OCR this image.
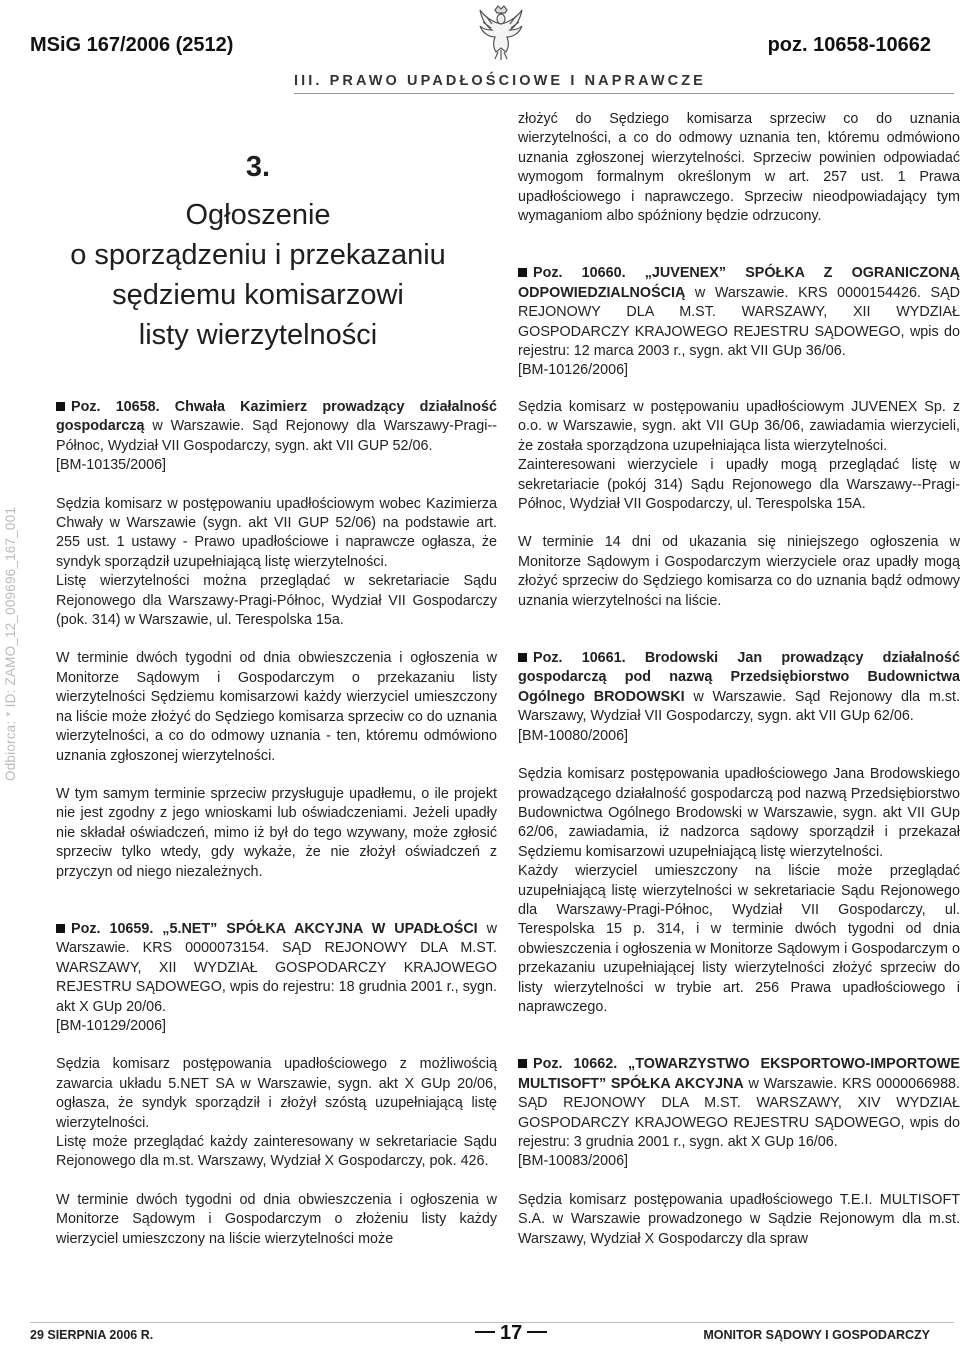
MSiG 167/2006 (2512)	poz. 10658-10662
III. PRAWO UPADŁOŚCIOWE I NAPRAWCZE
Odbiorca: * ID: ZAMO_12_009696_167_001
3.
Ogłoszenie
o sporządzeniu i przekazaniu
sędziemu komisarzowi
listy wierzytelności

Poz. 10658. Chwała Kazimierz prowadzący działalność gospodarczą w Warszawie. Sąd Rejonowy dla Warszawy-Pragi--Północ, Wydział VII Gospodarczy, sygn. akt VII GUP 52/06.

[BM-10135/2006]

Sędzia komisarz w postępowaniu upadłościowym wobec Kazimierza Chwały w Warszawie (sygn. akt VII GUP 52/06) na podstawie art. 255 ust. 1 ustawy - Prawo upadłościowe i naprawcze ogłasza, że syndyk sporządził uzupełniającą listę wierzytelności.

Listę wierzytelności można przeglądać w sekretariacie Sądu Rejonowego dla Warszawy-Pragi-Północ, Wydział VII Gospodarczy (pok. 314) w Warszawie, ul. Terespolska 15a.

W terminie dwóch tygodni od dnia obwieszczenia i ogłoszenia w Monitorze Sądowym i Gospodarczym o przekazaniu listy wierzytelności Sędziemu komisarzowi każdy wierzyciel umieszczony na liście może złożyć do Sędziego komisarza sprzeciw co do uznania wierzytelności, a co do odmowy uznania - ten, któremu odmówiono uznania zgłoszonej wierzytelności.

W tym samym terminie sprzeciw przysługuje upadłemu, o ile projekt nie jest zgodny z jego wnioskami lub oświadczeniami. Jeżeli upadły nie składał oświadczeń, mimo iż był do tego wzywany, może zgłosić sprzeciw tylko wtedy, gdy wykaże, że nie złożył oświadczeń z przyczyn od niego niezależnych.

Poz. 10659. „5.NET” SPÓŁKA AKCYJNA W UPADŁOŚCI w Warszawie. KRS 0000073154. SĄD REJONOWY DLA M.ST. WARSZAWY, XII WYDZIAŁ GOSPODARCZY KRAJOWEGO REJESTRU SĄDOWEGO, wpis do rejestru: 18 grudnia 2001 r., sygn. akt X GUp 20/06.

[BM-10129/2006]

Sędzia komisarz postępowania upadłościowego z możliwością zawarcia układu 5.NET SA w Warszawie, sygn. akt X GUp 20/06, ogłasza, że syndyk sporządził i złożył szóstą uzupełniającą listę wierzytelności.

Listę może przeglądać każdy zainteresowany w sekretariacie Sądu Rejonowego dla m.st. Warszawy, Wydział X Gospodarczy, pok. 426.

W terminie dwóch tygodni od dnia obwieszczenia i ogłoszenia w Monitorze Sądowym i Gospodarczym o złożeniu listy każdy wierzyciel umieszczony na liście wierzytelności może

złożyć do Sędziego komisarza sprzeciw co do uznania wierzytelności, a co do odmowy uznania ten, któremu odmówiono uznania zgłoszonej wierzytelności. Sprzeciw powinien odpowiadać wymogom formalnym określonym w art. 257 ust. 1 Prawa upadłościowego i naprawczego. Sprzeciw nieodpowiadający tym wymaganiom albo spóźniony będzie odrzucony.

Poz. 10660. „JUVENEX” SPÓŁKA Z OGRANICZONĄ ODPOWIEDZIALNOŚCIĄ w Warszawie. KRS 0000154426. SĄD REJONOWY DLA M.ST. WARSZAWY, XII WYDZIAŁ GOSPODARCZY KRAJOWEGO REJESTRU SĄDOWEGO, wpis do rejestru: 12 marca 2003 r., sygn. akt VII GUp 36/06.

[BM-10126/2006]

Sędzia komisarz w postępowaniu upadłościowym JUVENEX Sp. z o.o. w Warszawie, sygn. akt VII GUp 36/06, zawiadamia wierzycieli, że została sporządzona uzupełniająca lista wierzytelności.

Zainteresowani wierzyciele i upadły mogą przeglądać listę w sekretariacie (pokój 314) Sądu Rejonowego dla Warszawy--Pragi-Północ, Wydział VII Gospodarczy, ul. Terespolska 15A.

W terminie 14 dni od ukazania się niniejszego ogłoszenia w Monitorze Sądowym i Gospodarczym wierzyciele oraz upadły mogą złożyć sprzeciw do Sędziego komisarza co do uznania bądź odmowy uznania wierzytelności na liście.

Poz. 10661. Brodowski Jan prowadzący działalność gospodarczą pod nazwą Przedsiębiorstwo Budownictwa Ogólnego BRODOWSKI w Warszawie. Sąd Rejonowy dla m.st. Warszawy, Wydział VII Gospodarczy, sygn. akt VII GUp 62/06.

[BM-10080/2006]

Sędzia komisarz postępowania upadłościowego Jana Brodowskiego prowadzącego działalność gospodarczą pod nazwą Przedsiębiorstwo Budownictwa Ogólnego Brodowski w Warszawie, sygn. akt VII GUp 62/06, zawiadamia, iż nadzorca sądowy sporządził i przekazał Sędziemu komisarzowi uzupełniającą listę wierzytelności.

Każdy wierzyciel umieszczony na liście może przeglądać uzupełniającą listę wierzytelności w sekretariacie Sądu Rejonowego dla Warszawy-Pragi-Północ, Wydział VII Gospodarczy, ul. Terespolska 15 p. 314, i w terminie dwóch tygodni od dnia obwieszczenia i ogłoszenia w Monitorze Sądowym i Gospodarczym o przekazaniu uzupełniającej listy wierzytelności złożyć sprzeciw do listy wierzytelności w trybie art. 256 Prawa upadłościowego i naprawczego.

Poz. 10662. „TOWARZYSTWO EKSPORTOWO-IMPORTOWE MULTISOFT” SPÓŁKA AKCYJNA w Warszawie. KRS 0000066988. SĄD REJONOWY DLA M.ST. WARSZAWY, XIV WYDZIAŁ GOSPODARCZY KRAJOWEGO REJESTRU SĄDOWEGO, wpis do rejestru: 3 grudnia 2001 r., sygn. akt X GUp 16/06.

[BM-10083/2006]

Sędzia komisarz postępowania upadłościowego T.E.I. MULTISOFT S.A. w Warszawie prowadzonego w Sądzie Rejonowym dla m.st. Warszawy, Wydział X Gospodarczy dla spraw

29 SIERPNIA 2006 R.	17	MONITOR SĄDOWY I GOSPODARCZY
